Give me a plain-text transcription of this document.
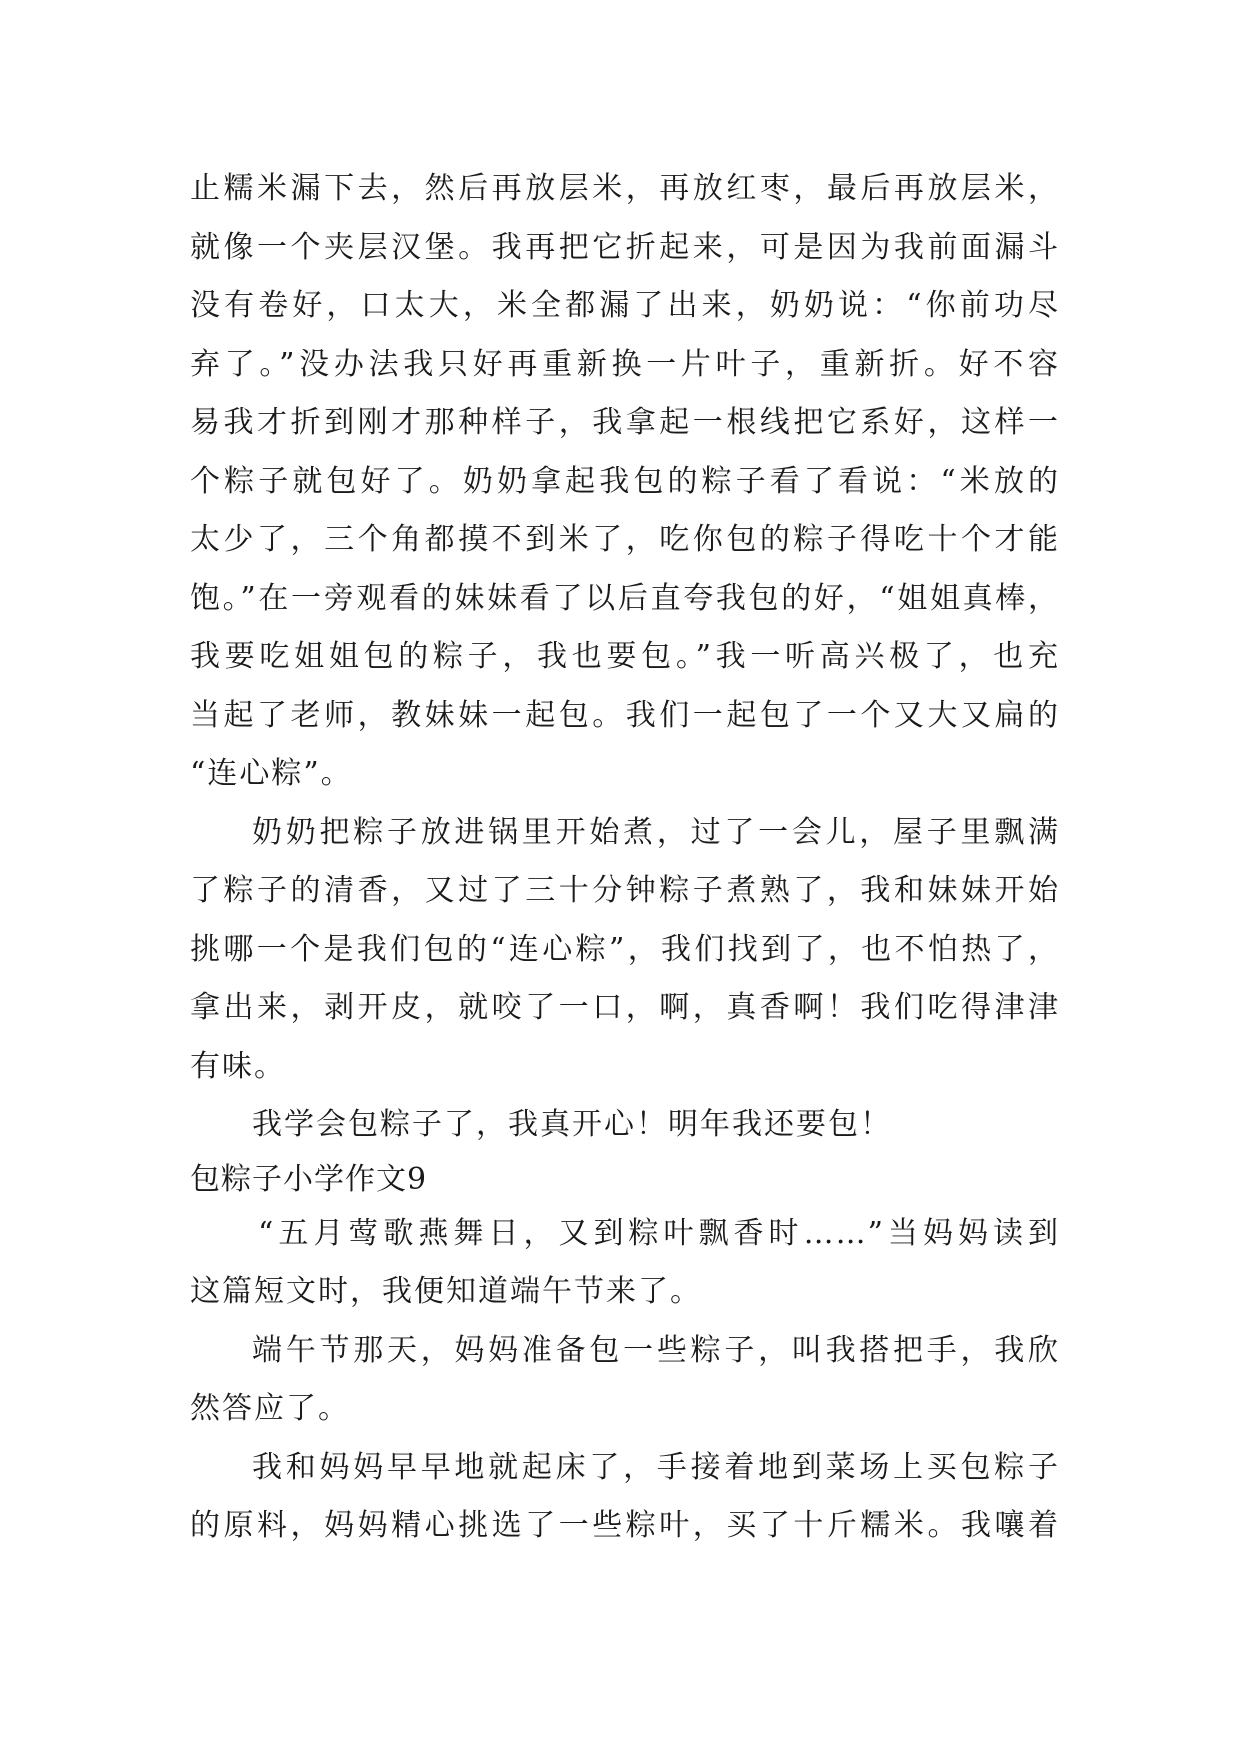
止糯米漏下去，然后再放层米，再放红枣，最后再放层米，
就像一个夹层汉堡。我再把它折起来，可是因为我前面漏斗
没有卷好，口太大，米全都漏了出来，奶奶说：“你前功尽
弃了。”没办法我只好再重新换一片叶子，重新折。好不容
易我才折到刚才那种样子，我拿起一根线把它系好，这样一
个粽子就包好了。奶奶拿起我包的粽子看了看说：“米放的
太少了，三个角都摸不到米了，吃你包的粽子得吃十个才能
饱。”在一旁观看的妹妹看了以后直夸我包的好，“姐姐真棒，
我要吃姐姐包的粽子，我也要包。”我一听高兴极了，也充
当起了老师，教妹妹一起包。我们一起包了一个又大又扁的
“连心粽”。
奶奶把粽子放进锅里开始煮，过了一会儿，屋子里飘满
了粽子的清香，又过了三十分钟粽子煮熟了，我和妹妹开始
挑哪一个是我们包的“连心粽”，我们找到了，也不怕热了，
拿出来，剥开皮，就咬了一口，啊，真香啊！我们吃得津津
有味。
我学会包粽子了，我真开心！明年我还要包！
包粽子小学作文9
“五月莺歌燕舞日，又到粽叶飘香时……”当妈妈读到
这篇短文时，我便知道端午节来了。
端午节那天，妈妈准备包一些粽子，叫我搭把手，我欣
然答应了。
我和妈妈早早地就起床了，手接着地到菜场上买包粽子
的原料，妈妈精心挑选了一些粽叶，买了十斤糯米。我嚷着
